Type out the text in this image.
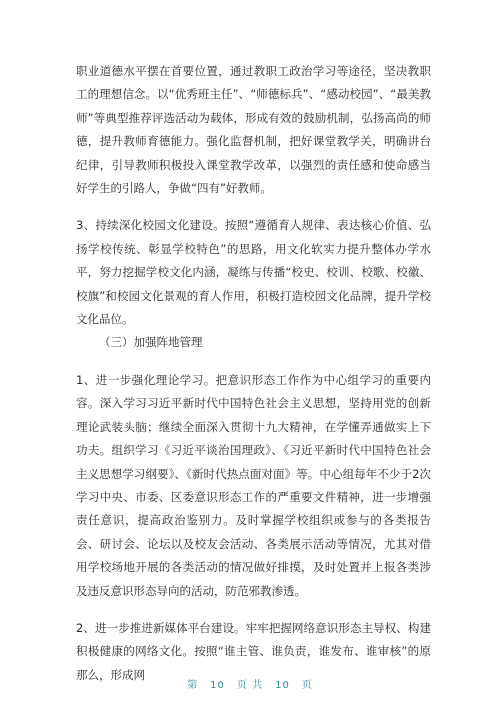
职业道德水平摆在首要位置，通过教职工政治学习等途径，坚决教职工的理想信念。以“优秀班主任”、“师德标兵”、“感动校园”、“最美教师”等典型推荐评选活动为载体，形成有效的鼓励机制，弘扬高尚的师德，提升教师育德能力。强化监督机制，把好课堂教学关，明确讲台纪律，引导教师积极投入课堂教学改革，以强烈的责任感和使命感当好学生的引路人，争做“四有”好教师。

3、持续深化校园文化建设。按照“遵循育人规律、表达核心价值、弘扬学校传统、彰显学校特色”的思路，用文化软实力提升整体办学水平，努力挖掘学校文化内涵，凝练与传播“校史、校训、校歌、校徽、校旗”和校园文化景观的育人作用，积极打造校园文化品牌，提升学校文化品位。

（三）加强阵地管理

1、进一步强化理论学习。把意识形态工作作为中心组学习的重要内容。深入学习习近平新时代中国特色社会主义思想，坚持用党的创新理论武装头脑；继续全面深入贯彻十九大精神，在学懂弄通做实上下功夫。组织学习《习近平谈治国理政》、《习近平新时代中国特色社会主义思想学习纲要》、《新时代热点面对面》等。中心组每年不少于2次学习中央、市委、区委意识形态工作的严重要文件精神，进一步增强责任意识，提高政治鉴别力。及时掌握学校组织或参与的各类报告会、研讨会、论坛以及校友会活动、各类展示活动等情况，尤其对借用学校场地开展的各类活动的情况做好排摸，及时处置并上报各类涉及违反意识形态导向的活动，防范邪教渗透。

2、进一步推进新媒体平台建设。牢牢把握网络意识形态主导权、构建积极健康的网络文化。按照“谁主管、谁负责，谁发布、谁审核”的原那么，形成网

第 10 页 共 10 页
